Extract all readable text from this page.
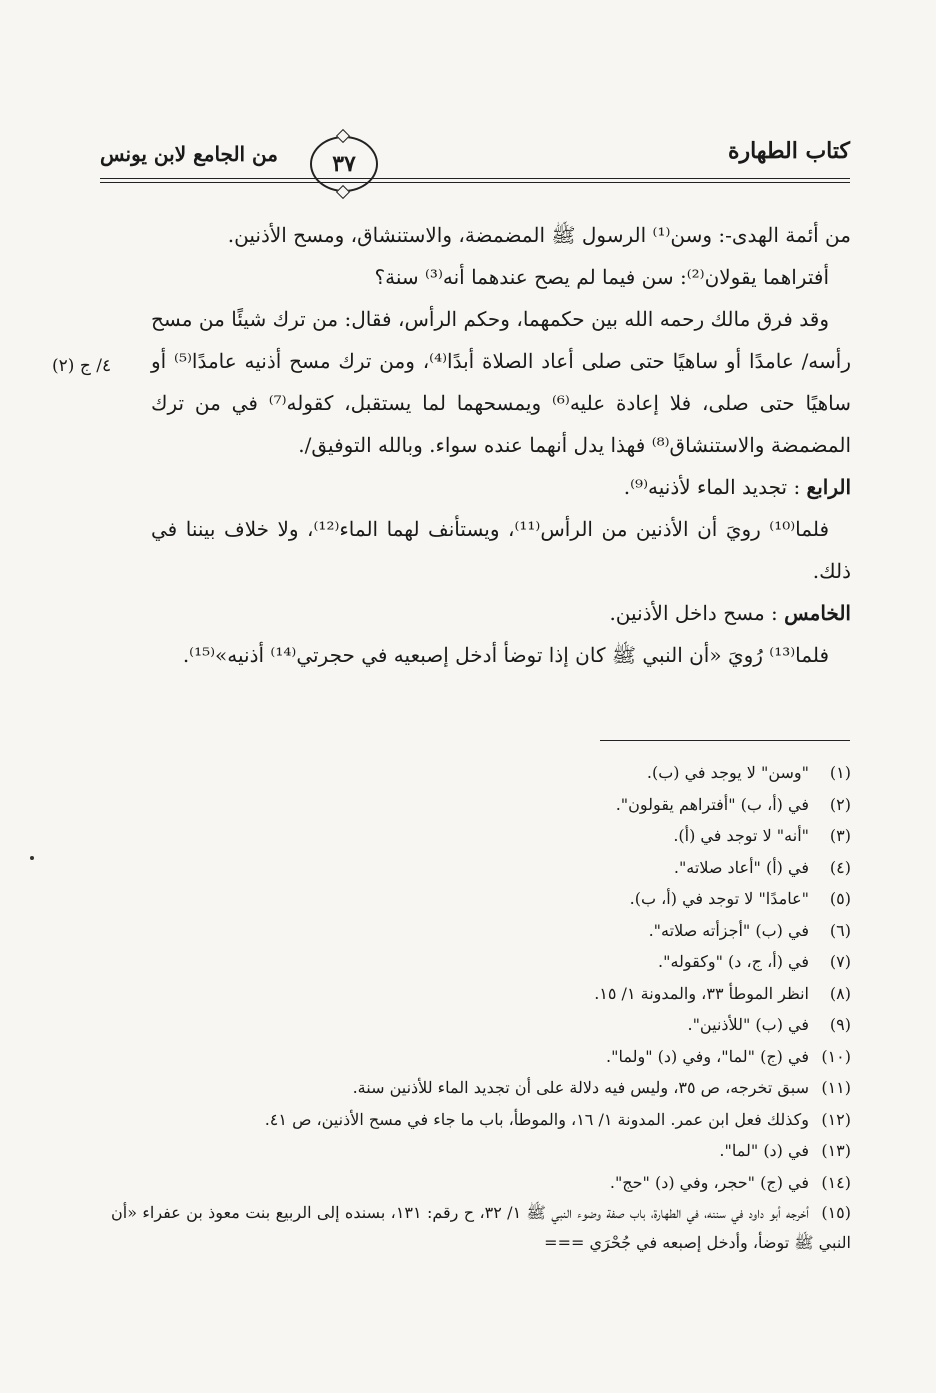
كتاب الطهارة
٣٧
من الجامع لابن يونس
٤/ ج (٢)

من أئمة الهدى-: وسن⁽¹⁾ الرسول ﷺ المضمضة، والاستنشاق، ومسح الأذنين.

أفتراهما يقولان⁽²⁾: سن فيما لم يصح عندهما أنه⁽³⁾ سنة؟

وقد فرق مالك رحمه الله بين حكمهما، وحكم الرأس، فقال: من ترك شيئًا من مسح رأسه/ عامدًا أو ساهيًا حتى صلى أعاد الصلاة أبدًا⁽⁴⁾، ومن ترك مسح أذنيه عامدًا⁽⁵⁾ أو ساهيًا حتى صلى، فلا إعادة عليه⁽⁶⁾ ويمسحهما لما يستقبل، كقوله⁽⁷⁾ في من ترك المضمضة والاستنشاق⁽⁸⁾ فهذا يدل أنهما عنده سواء. وبالله التوفيق/.

الرابع : تجديد الماء لأذنيه⁽⁹⁾.

فلما⁽¹⁰⁾ رويَ أن الأذنين من الرأس⁽¹¹⁾، ويستأنف لهما الماء⁽¹²⁾، ولا خلاف بيننا في ذلك.

الخامس : مسح داخل الأذنين.

فلما⁽¹³⁾ رُويَ «أن النبي ﷺ كان إذا توضأ أدخل إصبعيه في حجرتي⁽¹⁴⁾ أذنيه»⁽¹⁵⁾.

(١)"وسن" لا يوجد في (ب).

(٢)في (أ، ب) "أفتراهم يقولون".

(٣)"أنه" لا توجد في (أ).

(٤)في (أ) "أعاد صلاته".

(٥)"عامدًا" لا توجد في (أ، ب).

(٦)في (ب) "أجزأته صلاته".

(٧)في (أ، ج، د) "وكقوله".

(٨)انظر الموطأ ٣٣، والمدونة ١/ ١٥.

(٩)في (ب) "للأذنين".

(١٠)في (ج) "لما"، وفي (د) "ولما".

(١١)سبق تخرجه، ص ٣٥، وليس فيه دلالة على أن تجديد الماء للأذنين سنة.

(١٢)وكذلك فعل ابن عمر. المدونة ١/ ١٦، والموطأ، باب ما جاء في مسح الأذنين، ص ٤١.

(١٣)في (د) "لما".

(١٤)في (ج) "حجر، وفي (د) "حج".

(١٥)أخرجه أبو داود في سننه، في الطهارة، باب صفة وضوء النبي ﷺ ١/ ٣٢، ح رقم: ١٣١، بسنده إلى الربيع بنت معوذ بن عفراء «أن النبي ﷺ توضأ، وأدخل إصبعه في جُحْرَي ===
